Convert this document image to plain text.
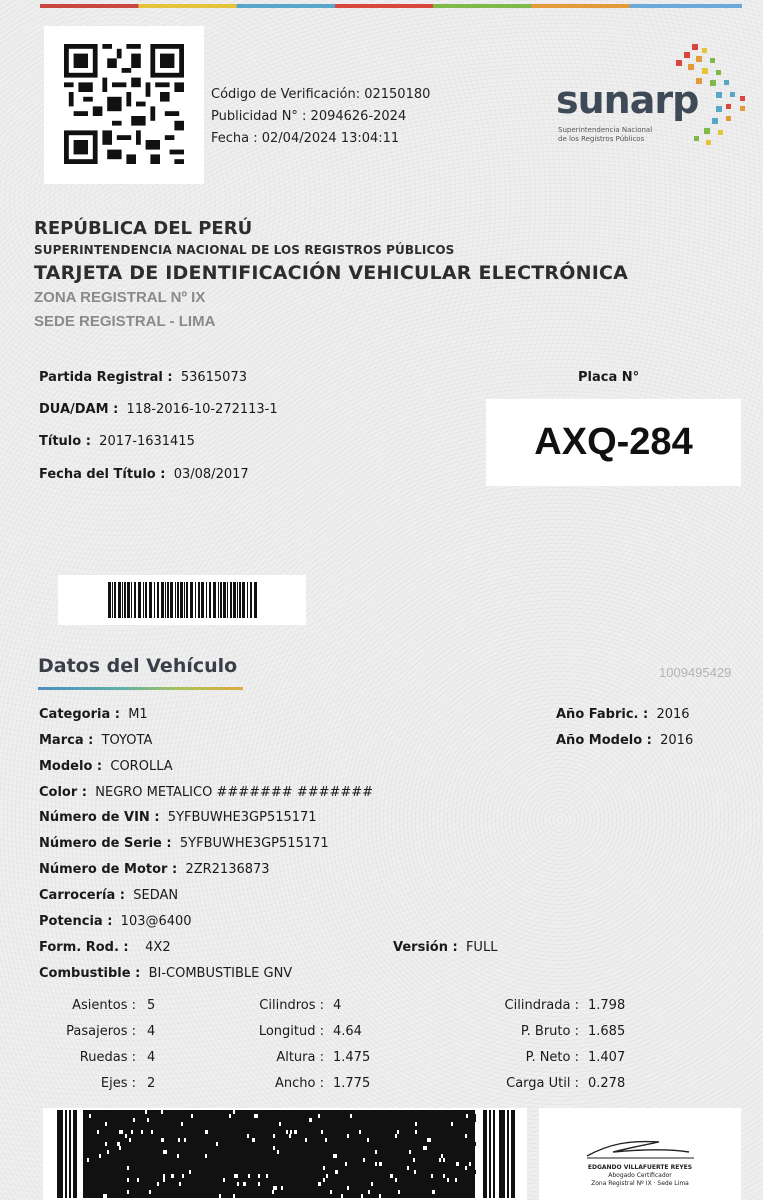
Código de Verificación: 02150180
Publicidad N° : 2094626-2024
Fecha : 02/04/2024 13:04:11
sunarp
Superintendencia Nacional
de los Registros Públicos
REPÚBLICA DEL PERÚ
SUPERINTENDENCIA NACIONAL DE LOS REGISTROS PÚBLICOS
TARJETA DE IDENTIFICACIÓN VEHICULAR ELECTRÓNICA
ZONA REGISTRAL Nº IX
SEDE REGISTRAL - LIMA
Partida Registral : 53615073
DUA/DAM : 118-2016-10-272113-1
Título : 2017-1631415
Fecha del Título : 03/08/2017
Placa N°
AXQ-284
Datos del Vehículo	1009495429
Categoria : M1
Marca : TOYOTA
Modelo : COROLLA
Color : NEGRO METALICO ####### #######
Número de VIN : 5YFBUWHE3GP515171
Número de Serie : 5YFBUWHE3GP515171
Número de Motor : 2ZR2136873
Carrocería : SEDAN
Potencia : 103@6400
Form. Rod. : 4X2
Combustible : BI-COMBUSTIBLE GNV
Año Fabric. : 2016
Año Modelo : 2016
Versión : FULL
Asientos : 5
Pasajeros : 4
Ruedas : 4
Ejes : 2
Cilindros : 4
Longitud : 4.64
Altura : 1.475
Ancho : 1.775
Cilindrada : 1.798
P. Bruto : 1.685
P. Neto : 1.407
Carga Util : 0.278
EDGANDO VILLAFUERTE REYES
Abogado Certificador
Zona Registral Nº IX · Sede Lima
